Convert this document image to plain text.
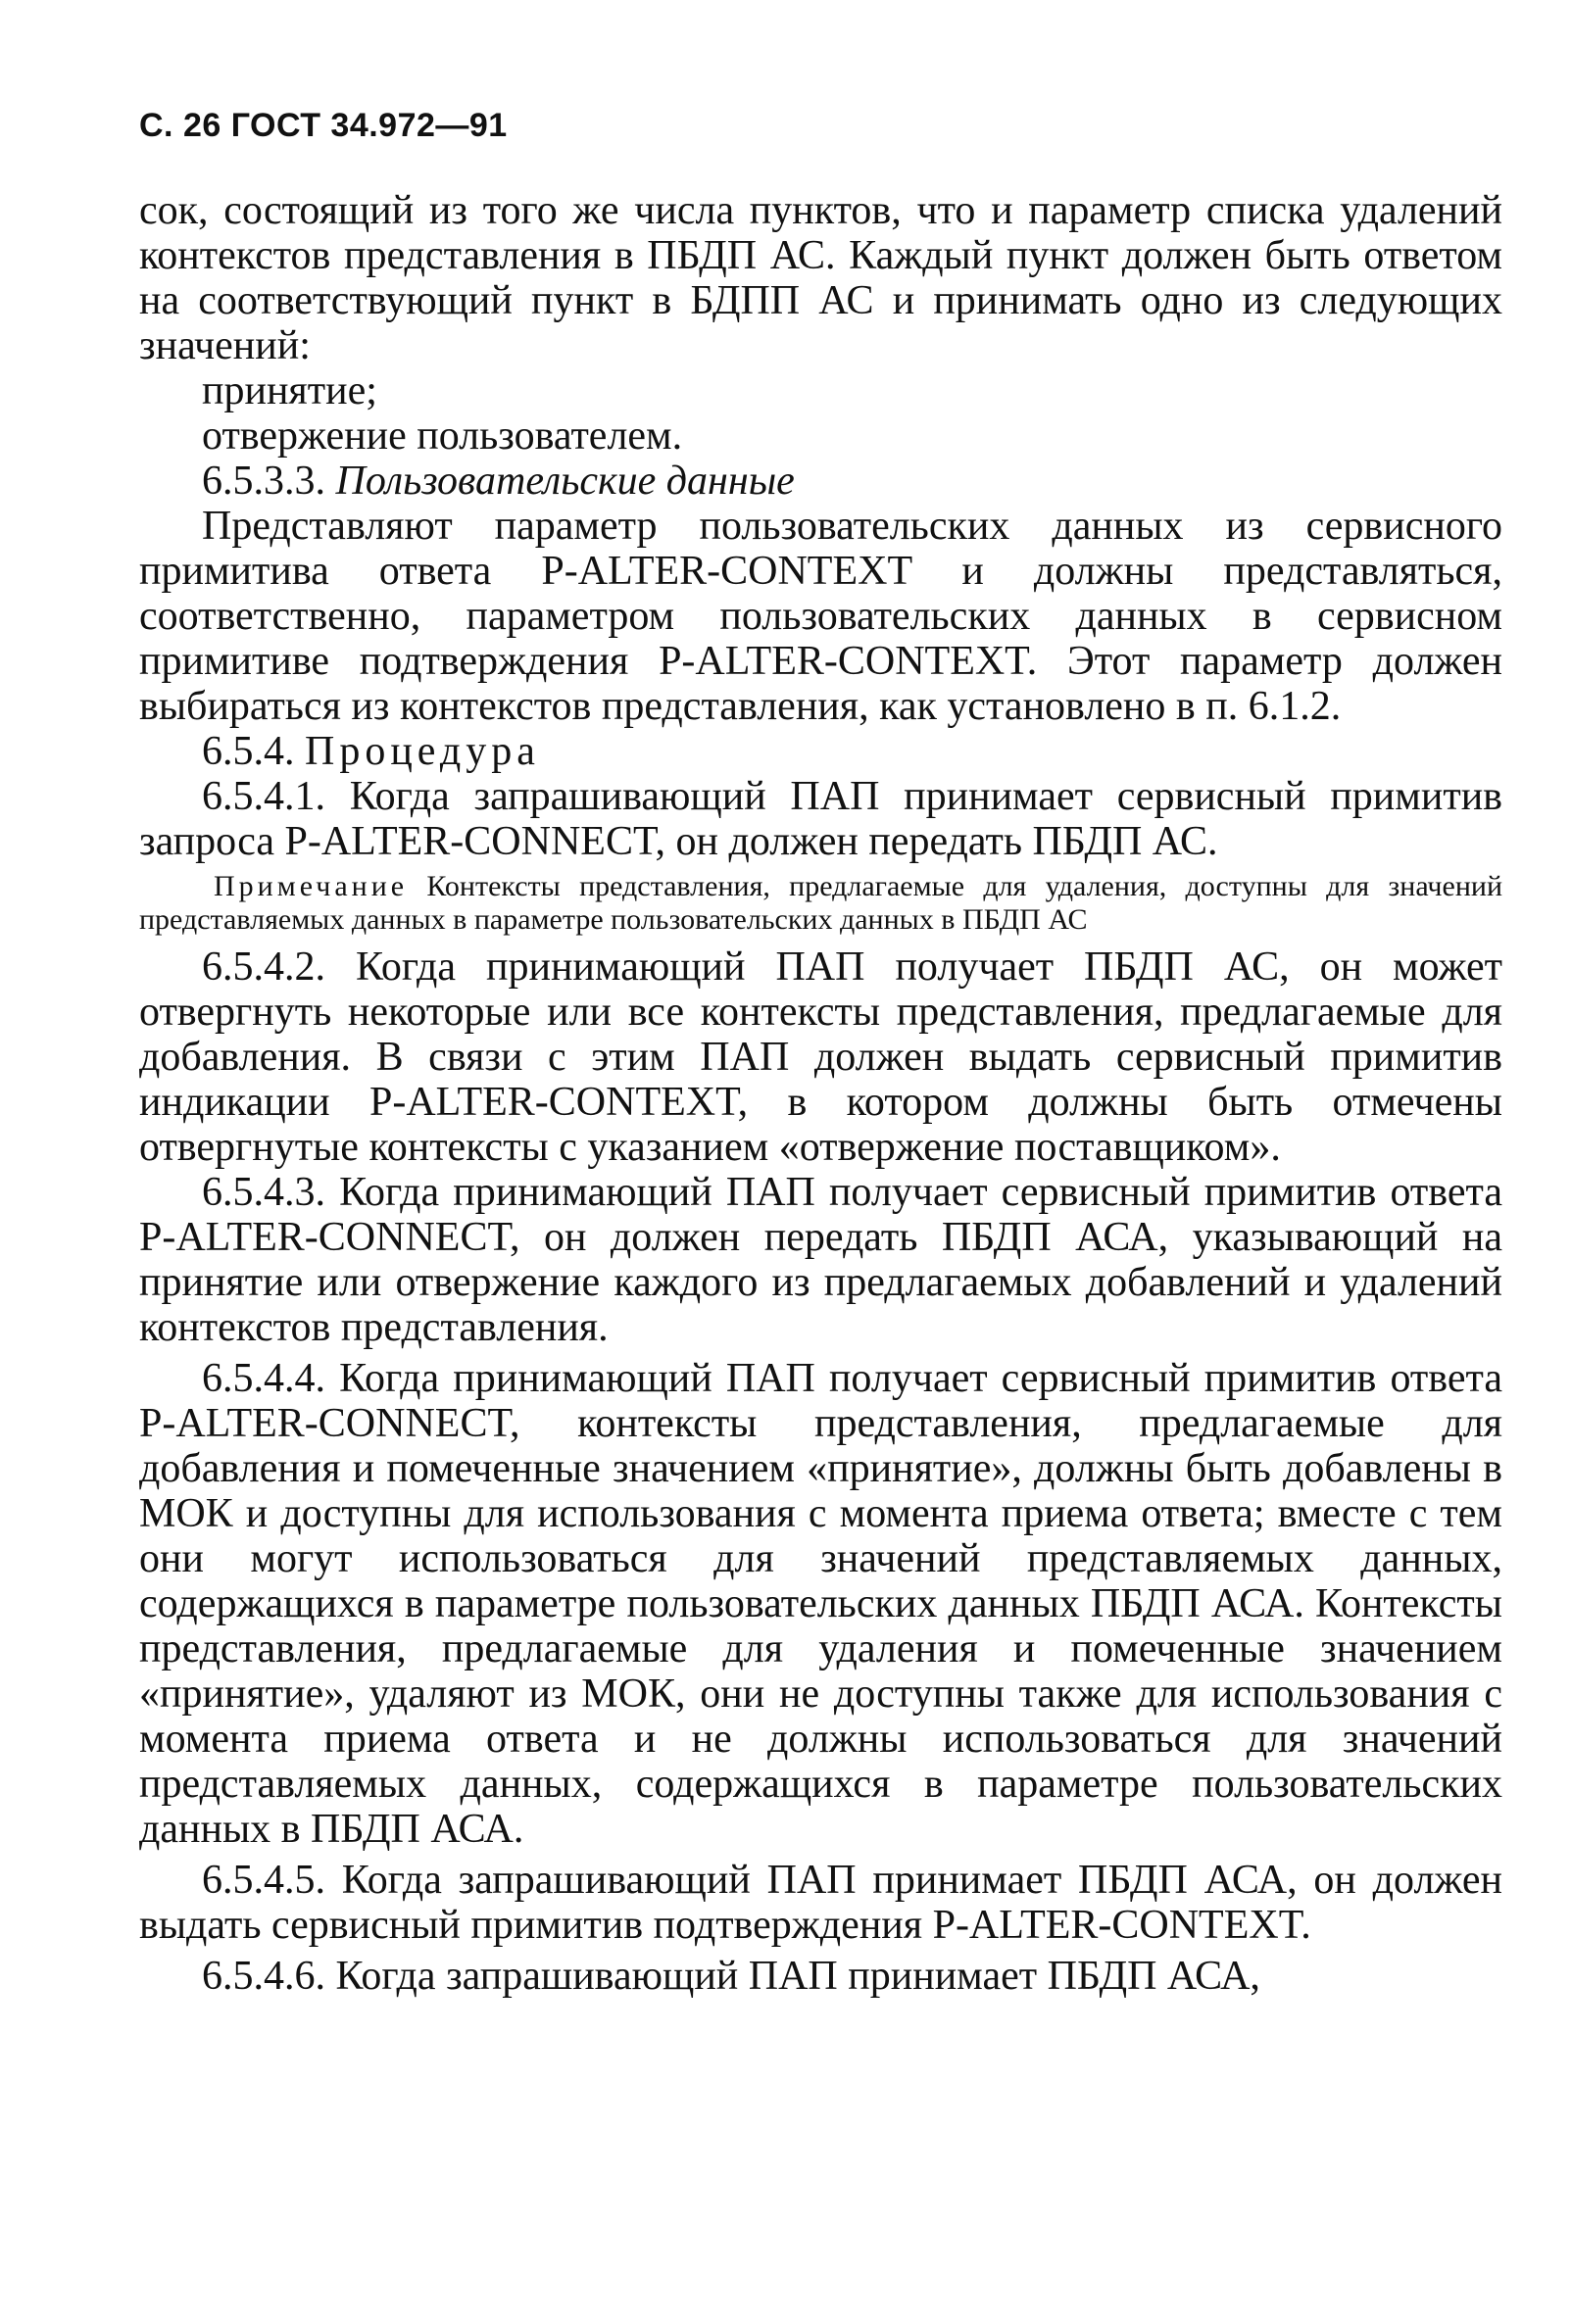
С. 26 ГОСТ 34.972—91

сок, состоящий из того же числа пунктов, что и параметр списка удалений контекстов представления в ПБДП АС. Каждый пункт должен быть ответом на соответствующий пункт в БДПП АС и принимать одно из следующих значений:

принятие;

отвержение пользователем.

6.5.3.3. Пользовательские данные

Представляют параметр пользовательских данных из сервисного примитива ответа P-ALTER-CONTEXT и должны представляться, соответственно, параметром пользовательских данных в сервисном примитиве подтверждения P-ALTER-CONTEXT. Этот параметр должен выбираться из контекстов представления, как установлено в п. 6.1.2.

6.5.4. Процедура

6.5.4.1. Когда запрашивающий ПАП принимает сервисный примитив запроса P-ALTER-CONNECT, он должен передать ПБДП АС.

Примечание Контексты представления, предлагаемые для удаления, доступны для значений представляемых данных в параметре пользовательских данных в ПБДП АС

6.5.4.2. Когда принимающий ПАП получает ПБДП АС, он может отвергнуть некоторые или все контексты представления, предлагаемые для добавления. В связи с этим ПАП должен выдать сервисный примитив индикации P-ALTER-CONTEXT, в котором должны быть отмечены отвергнутые контексты с указанием «отвержение поставщиком».

6.5.4.3. Когда принимающий ПАП получает сервисный примитив ответа P-ALTER-CONNECT, он должен передать ПБДП АСА, указывающий на принятие или отвержение каждого из предлагаемых добавлений и удалений контекстов представления.

6.5.4.4. Когда принимающий ПАП получает сервисный примитив ответа P-ALTER-CONNECT, контексты представления, предлагаемые для добавления и помеченные значением «принятие», должны быть добавлены в МОК и доступны для использования с момента приема ответа; вместе с тем они могут использоваться для значений представляемых данных, содержащихся в параметре пользовательских данных ПБДП АСА. Контексты представления, предлагаемые для удаления и помеченные значением «принятие», удаляют из МОК, они не доступны также для использования с момента приема ответа и не должны использоваться для значений представляемых данных, содержащихся в параметре пользовательских данных в ПБДП АСА.

6.5.4.5. Когда запрашивающий ПАП принимает ПБДП АСА, он должен выдать сервисный примитив подтверждения P-ALTER-CONTEXT.

6.5.4.6. Когда запрашивающий ПАП принимает ПБДП АСА,
